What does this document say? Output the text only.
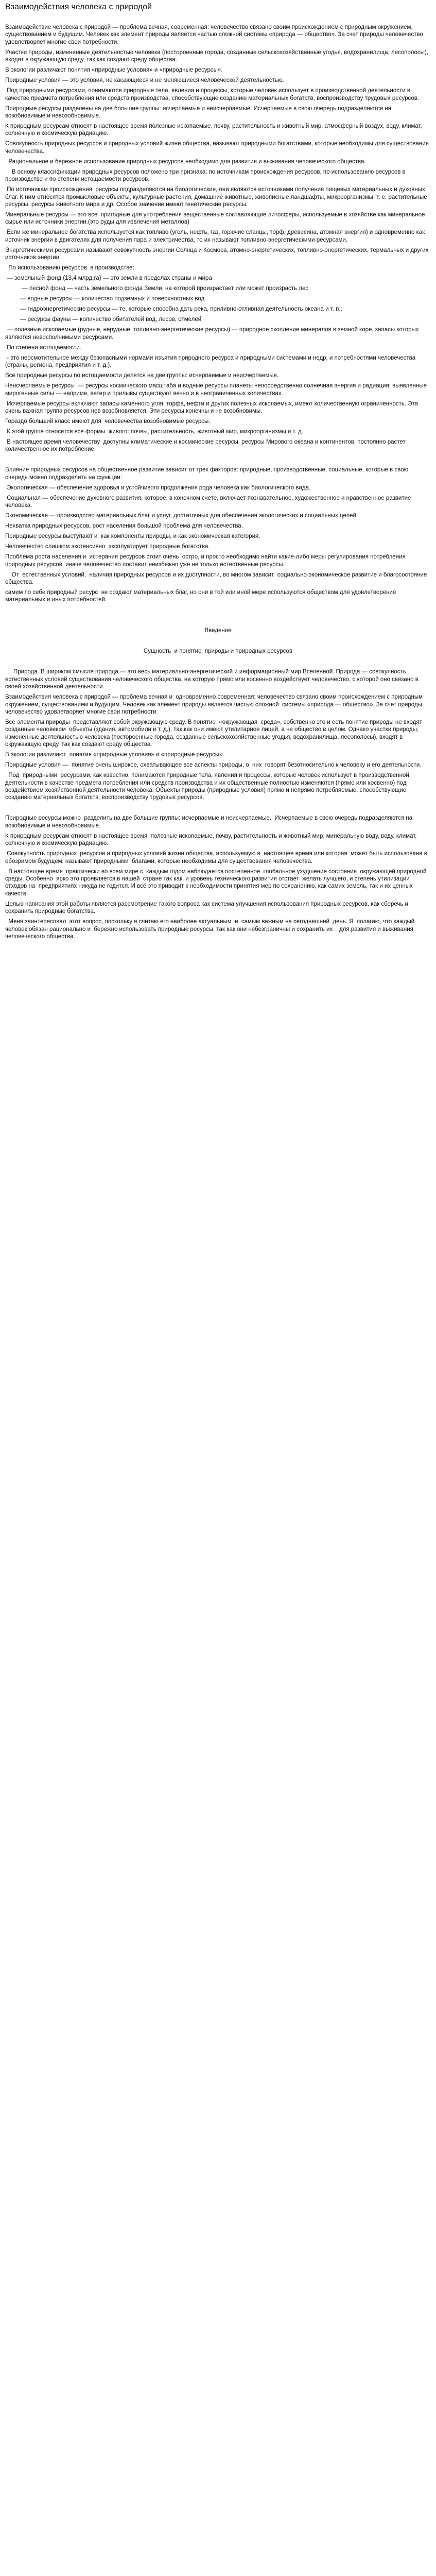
Взаимодействия человека с природой

Взаимодействие человека с природой — проблема вечная, современная: человечество связано своим происхождением с природным окружением, существованием и будущим. Человек как элемент природы является частью сложной системы «природа — общество». За счет природы человечество удовлетворяет многие свои потребности.

Участки природы, измененные деятельностью человека (постороенные города, созданные сельскохозяйственные угодья, водохранилища, лесополосы), входят в окружающую среду, так как создают среду общества.

В экологии различают понятия «природные условия» и «природные ресурсы».

Природные условия — это условия, не касающиеся и не меняющиеся человеческой деятельностью.

Под природными ресурсами, понимаются природные тела, явления и процессы, которые человек использует в производственной деятельности в качестве предмета потребления или средств производства, способствующие созданию материальных богатств, воспроизводству трудовых ресурсов.

Природные ресурсы разделены на две большие группы: исчерпаемые и неисчерпаемые. Исчерпаемые в свою очередь подразделяются на возобновимые и невозобновимые.

К природным ресурсам относят в настоящее время полезные ископаемые, почву, растительность и животный мир, атмосферный воздух, воду, климат, солнечную и космическую радиацию.

Совокупность природных ресурсов и природных условий жизни общества, называют природными богатствами, которые необходимы для существования человечества.

Рациональное и бережное использование природных ресурсов необходимо для развития и выживания человеческого общества.

В основу классификации природных ресурсов положено три признака: по источникам происхождения ресурсов, по использованию ресурсов в производстве и по степени истощаемости ресурсов.

По источникам происхождения  ресурсы подразделяются на биологические, они являются источниками получения пищевых материальных и духовных благ. К ним относятся промысловые объекты, культурные растения, домашние животные, живописные ландшафты, микроорганизмы, т. е. растительные ресурсы, ресурсы животного мира и др. Особое значение имеют генетические ресурсы.

Минеральные ресурсы — это все  пригодные для употребления вещественные составляющие литосферы, используемые в хозяйстве как минеральное  сырье или источники энергии.(это руды для извлечения металлов)

Если же минеральное богатства используется как топливо (уголь, нефть, газ, горючие сланцы, торф, древесина, атомная энергия) и одновременно как источник энергии в двигателях для получения пара и электричества, то их называют топливно-энергетическими ресурсами.

Энергетическими ресурсами называют совокупность энергии Солнца и Космоса, атомно-энергетических, топливно-энергетических, термальных и других источников энергии.

По использованию ресурсов  в производстве:

— земельный фонд (13,4 млрд.га) — это земли в пределах страны и мира

— лесной фонд — часть земельного фонда Земли, на которой произрастает или может произрасть лес

— водные ресурсы — количество подземных и поверхностных вод

— гидроэнергетические ресурсы — те, которые способна дать река, приливно-отливная деятельность океана и т. п.;

— ресурсы фауны — количество обитателей вод, лесов, отмелей

— полезные ископаемые (рудные, нерудные, топливно-энергетические ресурсы) — природное скопление минералов в земной коре, запасы которых являются невосполнимыми ресурсами.

По степени истощаемости.

- это неосмотительное между безопасными нормами изъятия природного ресурса и природными системами и недр, и потребностями человечества (страны, региона, предприятия и т. д.).

Все природные ресурсы по истощаемости делятся на две группы: исчерпаемые и неисчерпаемые.

Неисчерпаемые ресурсы  — ресурсы космического масштаба и водные ресурсы планеты непосредственно солнечная энергия и радиация; выявленные мирогенные силы — наприме, ветер и прилывы существуют вечно и в неограниченных количествах.

Исчерпаемые ресурсы включают запасы каменного угля, торфа, нефти и других полезных ископаемых, имеют количественную ограниченность. Эта очень важная группа ресурсов нев возобновляется. Эти ресурсы конечны и не возобновимы.

Гораздо больший класс имеют для  человечества возобновимые ресурсы.

К этой группе относятся все формы  живого: почвы, растительность, животный мир, микроорганизмы и т. д.

В настоящее время человечеству  доступны климатические и космические ресурсы, ресурсы Мирового океана и континентов, постоянно растет количественное их потребление.

Влияние природных ресурсов на общественное развитие зависит от трех факторов: природные, производственные, социальные, которые в свою очередь можно подразделить на функции:

Экологическая — обеспечение здоровья и устойчивого продолжения рода человека как биологического вида.

Социальная — обеспечение духовного развития, которое, в конечном счете, включает познавательное, художественное и нравственное развитие человека.

Экономическая — производство материальных благ и услуг, достаточных для обеспечения экологических и социальных целей.

Нехватка природных ресурсов, рост населения большой проблема для человечества.

Природные ресурсы выступают и  как компоненты природы, и как экономическая категория.

Человечество слишком экстенсивно  эксплуатирует природные богатства.

Проблема роста населения и  истерания ресурсов стоит очень  остро, и просто необходимо найти какие-либо меры регулирования потребления природных ресурсов, иначе человечество поставит неизбежно уже не только естественные ресурсы.

От  естественных условий,  наличия природных ресурсов и их доступности, во многом зависит  социально-экономическое развитие и благосостояние общества.

самим по себе природный ресурс  не создают материальных благ, но они в той или иной мере используются обществом для удовлетворения материальных и иных потребностей.

Введение

Сущность  и понятие  природы и природных ресурсов

Природа. В широком смысле природа — это весь материально-энергетический и информационный мир Вселенной. Природа — совокупность естественных условий существования человеческого общества, на которую прямо или косвенно воздействует человечество, с которой оно связано в своей хозяйственной деятельности.

Взаимодействия человека с природой — проблема вечная и  одновременно современная: человечество связано своим происхождением с природным окружением, существованием и будущим. Человек как элемент природы является частью сложной  системы «природа — общество». За счет природы человечество удовлетворяет многие свои потребности.

Все элементы природы  представляют собой окружающую среду. В понятие  «окружающая  среда», собственно это и есть понятие природы не входят  созданные человеком  объекты (здания, автомобили и т. д.), так как они имеют утилитарное лицей, а не общество в целом. Однако участки природы, измененные деятельностью человека (постороенные города, созданные сельскохозяйственные угодья, водохранилища, лесополосы), входят в окружающую среду, так как создают среду общества.

В экологии различают  понятия «природные условия» и «природные ресурсы».

Природные условия —  понятие очень широкое, охватывающее все аспекты природы, о  них  говорят безотносительно к человеку и его деятельности.

Под  природными  ресурсами, как известно, понимаются природные тела, явления и процессы, которые человек использует в производственной деятельности в качестве предмета потребления или средств производства и их общественные полностью изменяются (прямо или косвенно) под воздействием хозяйственной деятельности человека. Объекты природы (природные условия) прямо и непрямо потребляемые, способствующие созданию материальных богатств, воспроизводству трудовых ресурсов.

Природные ресурсы можно  разделить на две большие группы: исчерпаемые и неисчерпаемые.  Исчерпаемые в свою очередь подразделяются на возобновимые и невозобновимые.

К природным ресурсам относят в настоящее время  полезные ископаемые, почву, растительность и животный мир, минеральную воду, воду, климат, солнечную и космическую радиацию.

Совокупность природных  ресурсов и природных условий жизни общества, используемую в  настоящее время или которая  может быть использована в обозримом будущем, называют природными  благами, которые необходимы для существования человечества.

В настоящее время  практически во всем мире с  каждым годом наблюдается постепенное  глобальное ухудшение состояния  окружающей природной среды. Особенно  ярко это проявляется в нашей  стране так как, и уровень технического развития отстает  желать лучшего, и степень утилизации отходов на  предприятиях никуда не годится. И всё это приводит к необходимости принятия мер по сохранению, как самих земель, так и их ценных качеств.

Целью написания этой работы является рассмотрение такого вопроса как система улучшения использования природных ресурсов, как сберечь и сохранить природные богатства.

Меня заинтересовал  этот вопрос, поскольку я считаю его наиболее актуальным  и  самым важным на сегодняшний  день. Я  полагаю, что каждый  человек обязан рационально и  бережно использовать природные ресурсы, так как они небезграничны и сохранить их    для развития и выживания человеческого общества.
